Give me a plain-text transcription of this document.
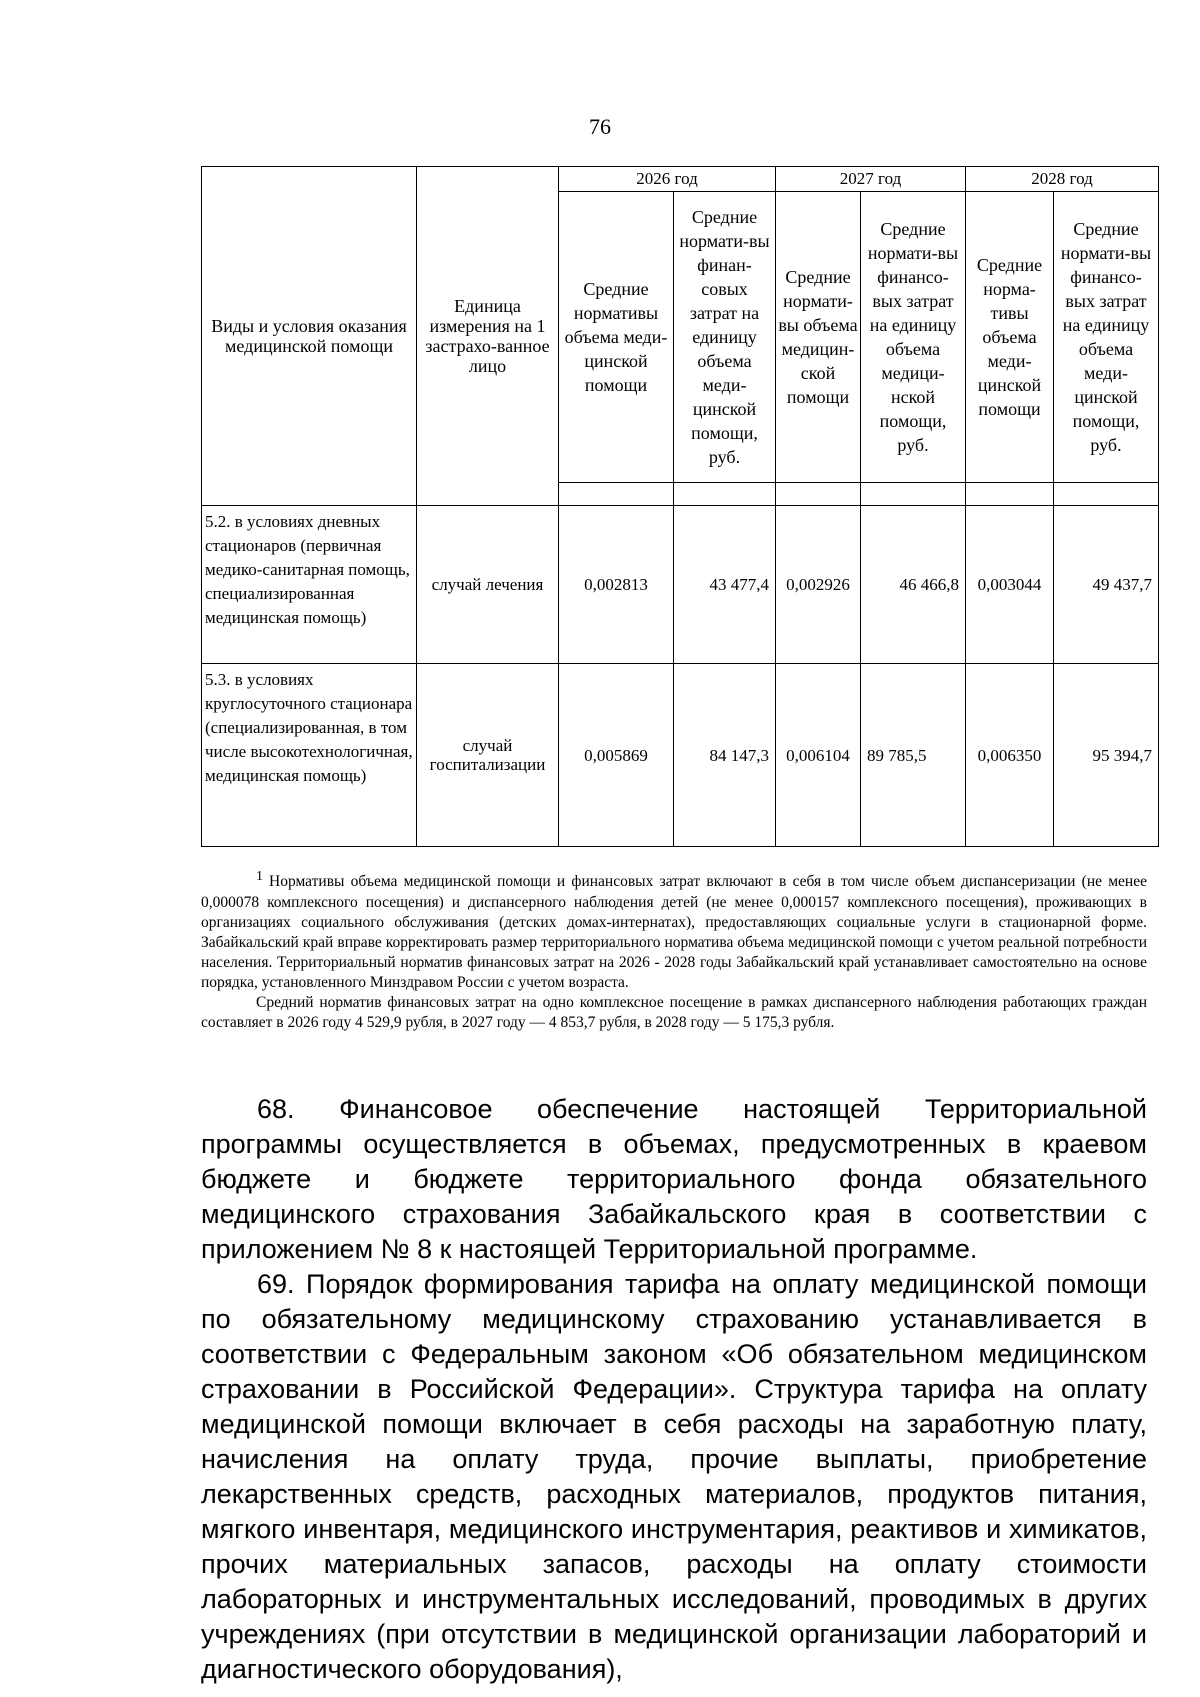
76
Виды и условия оказания медицинской помощи	Единица измерения на 1 застрахо-ванное лицо	2026 год		2027 год		2028 год	
		Средние нормативы объема меди-цинской помощи	Средние нормати-вы финан-совых затрат на единицу объема меди-цинской помощи, руб.	Средние нормати-вы объема медицин-ской помощи	Средние нормати-вы финансо-вых затрат на единицу объема медици-нской помощи, руб.	Средние норма-тивы объема меди-цинской помощи	Средние нормати-вы финансо-вых затрат на единицу объема меди-цинской помощи, руб.

5.2. в условиях дневных стационаров (первичная медико-санитарная помощь, специализированная медицинская помощь)	случай лечения	0,002813	43 477,4	0,002926	46 466,8	0,003044	49 437,7
5.3. в условиях круглосуточного стационара (специализированная, в том числе высокотехнологичная, медицинская помощь)	случай госпитализации	0,005869	84 147,3	0,006104	89 785,5	0,006350	95 394,7

$^1$ Нормативы объема медицинской помощи и финансовых затрат включают в себя в том числе объем диспансеризации (не менее 0,000078 комплексного посещения) и диспансерного наблюдения детей (не менее 0,000157 комплексного посещения), проживающих в организациях социального обслуживания (детских домах-интернатах), предоставляющих социальные услуги в стационарной форме. Забайкальский край вправе корректировать размер территориального норматива объема медицинской помощи с учетом реальной потребности населения. Территориальный норматив финансовых затрат на 2026 - 2028 годы Забайкальский край устанавливает самостоятельно на основе порядка, установленного Минздравом России с учетом возраста.

Средний норматив финансовых затрат на одно комплексное посещение в рамках диспансерного наблюдения работающих граждан составляет в 2026 году 4 529,9 рубля, в 2027 году — 4 853,7 рубля, в 2028 году — 5 175,3 рубля.

68. Финансовое обеспечение настоящей Территориальной программы осуществляется в объемах, предусмотренных в краевом бюджете и бюджете территориального фонда обязательного медицинского страхования Забайкальского края в соответствии с приложением № 8 к настоящей Территориальной программе.

69. Порядок формирования тарифа на оплату медицинской помощи по обязательному медицинскому страхованию устанавливается в соответствии с Федеральным законом «Об обязательном медицинском страховании в Российской Федерации». Структура тарифа на оплату медицинской помощи включает в себя расходы на заработную плату, начисления на оплату труда, прочие выплаты, приобретение лекарственных средств, расходных материалов, продуктов питания, мягкого инвентаря, медицинского инструментария, реактивов и химикатов, прочих материальных запасов, расходы на оплату стоимости лабораторных и инструментальных исследований, проводимых в других учреждениях (при отсутствии в медицинской организации лабораторий и диагностического оборудования),
